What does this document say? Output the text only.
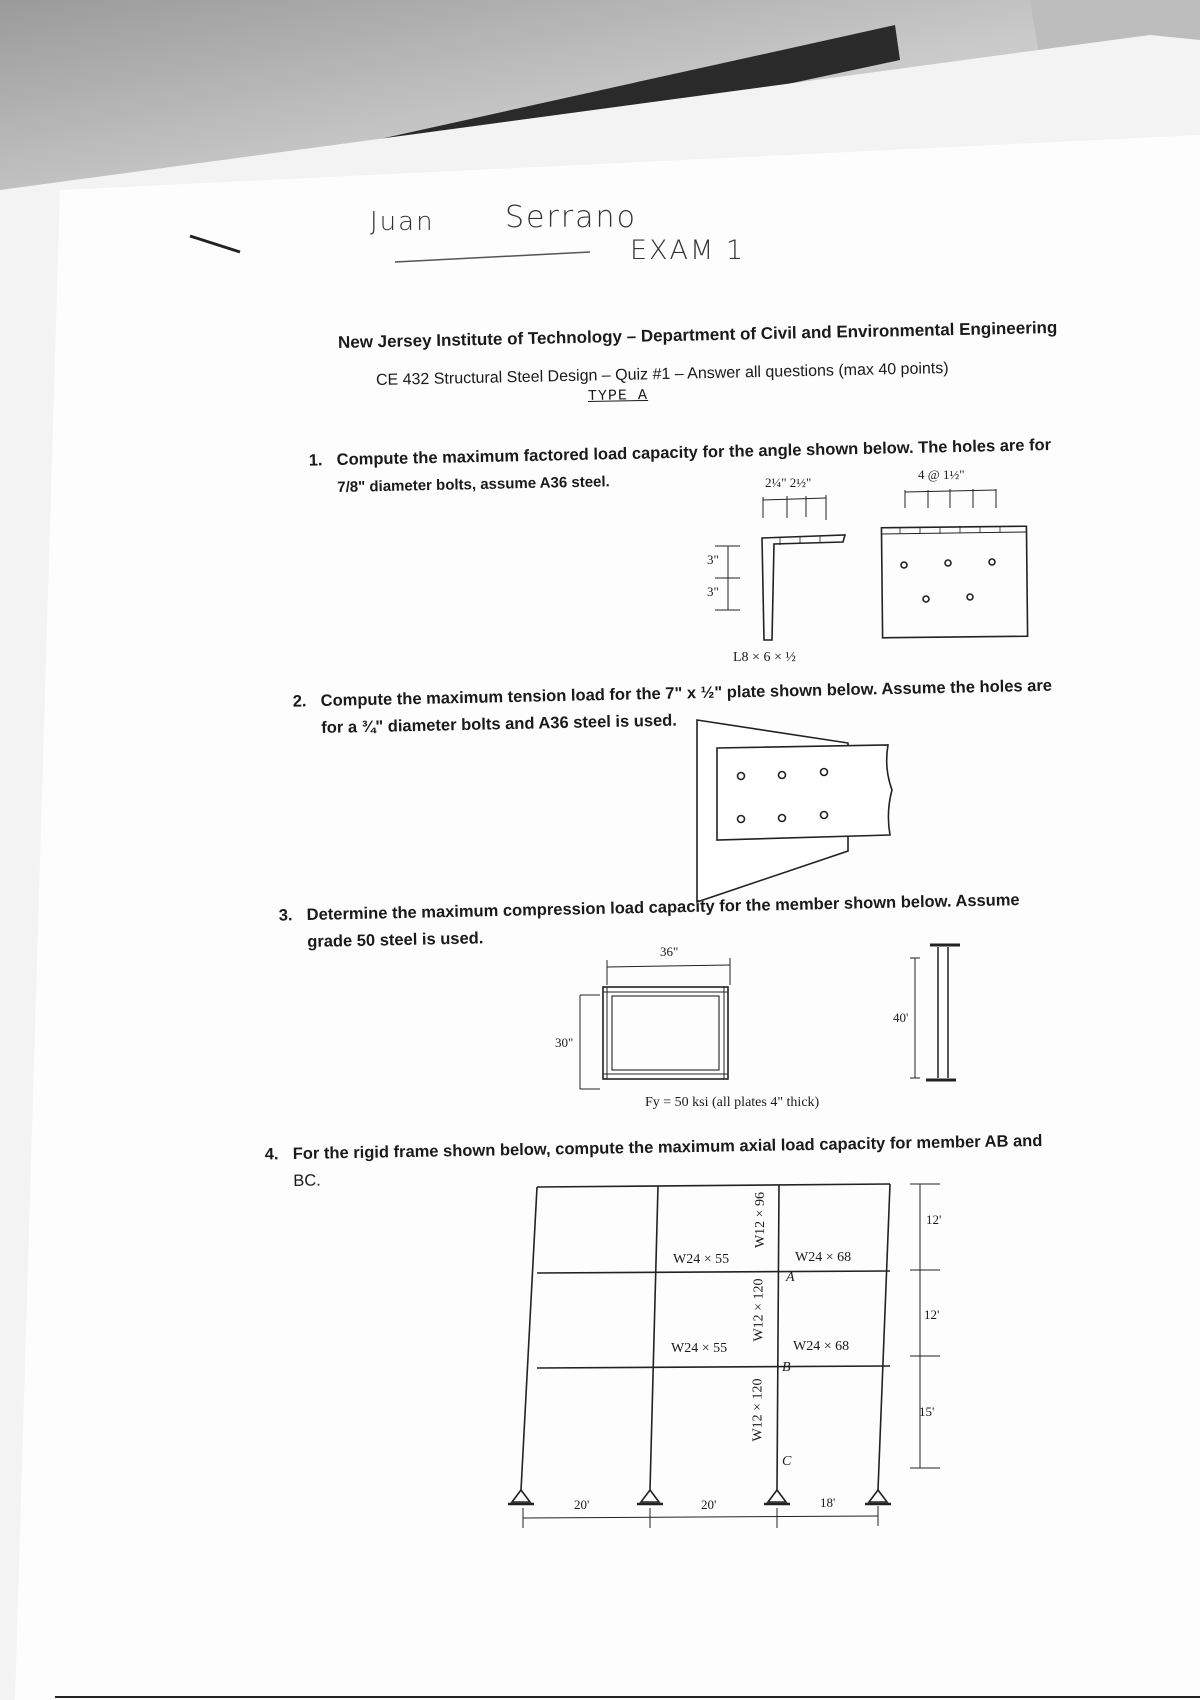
Juan Serrano
EXAM 1
New Jersey Institute of Technology – Department of Civil and Environmental Engineering
CE 432 Structural Steel Design – Quiz #1 – Answer all questions (max 40 points)
TYPE A
1. Compute the maximum factored load capacity for the angle shown below. The holes are for
7/8" diameter bolts, assume A36 steel.	2¼" 2½"
4 @ 1½"
3"
3"
L8 × 6 × ½
2. Compute the maximum tension load for the 7" x ½" plate shown below. Assume the holes are
for a ¾" diameter bolts and A36 steel is used.
3. Determine the maximum compression load capacity for the member shown below. Assume
grade 50 steel is used.
36"
30"
40'
Fy = 50 ksi (all plates 4" thick)
4. For the rigid frame shown below, compute the maximum axial load capacity for member AB and
BC.
W24 × 55	W24 × 68
W24 × 55	W24 × 68
W12 × 96
W12 × 120
W12 × 120
A
B
C
12'
12'
15'
20'	20'	18'
